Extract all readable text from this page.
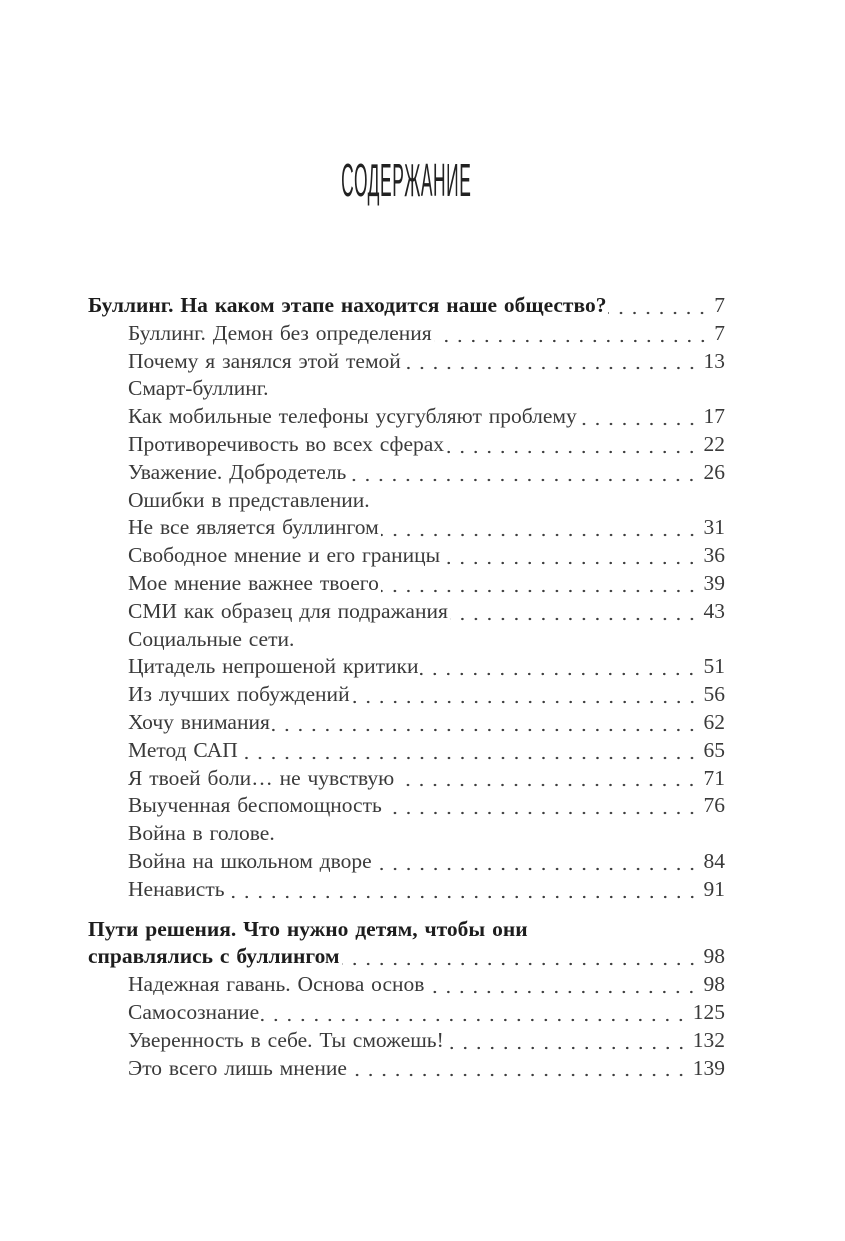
СОДЕРЖАНИЕ
Буллинг. На каком этапе находится наше общество?	7
Буллинг. Демон без определения	7
Почему я занялся этой темой	13
Смарт-буллинг.
Как мобильные телефоны усугубляют проблему	17
Противоречивость во всех сферах	22
Уважение. Добродетель	26
Ошибки в представлении.
Не все является буллингом	31
Свободное мнение и его границы	36
Мое мнение важнее твоего	39
СМИ как образец для подражания	43
Социальные сети.
Цитадель непрошеной критики	51
Из лучших побуждений	56
Хочу внимания	62
Метод САП	65
Я твоей боли… не чувствую	71
Выученная беспомощность	76
Война в голове.
Война на школьном дворе	84
Ненависть	91
Пути решения. Что нужно детям, чтобы они
справлялись с буллингом	98
Надежная гавань. Основа основ	98
Самосознание	125
Уверенность в себе. Ты сможешь!	132
Это всего лишь мнение	139
